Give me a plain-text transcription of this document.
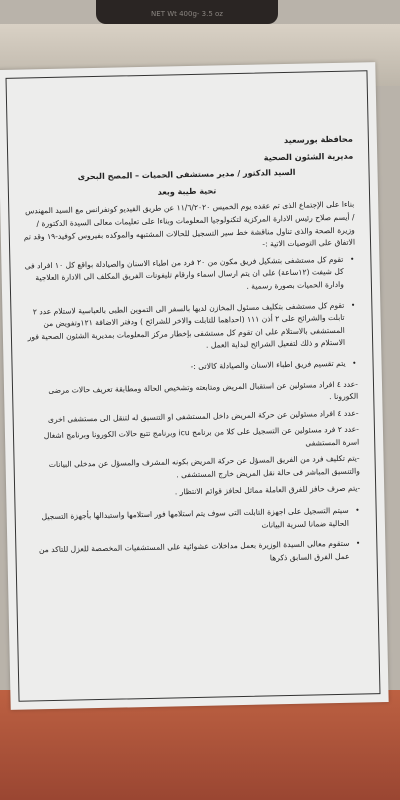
NET Wt 400g- 3.5 oz

محافظة بورسعيد

مديرية الشئون الصحية

السيد الدكتور / مدير مستشفى الحميات – المصح البحرى

تحية طيبة وبعد

بناءا على الإجتماع الذى تم عقده يوم الخميس ١١/٦/٢٠٢٠ عن طريق الفيديو كونفرانس مع السيد المهندس / أيسم صلاح رئيس الادارة المركزية لتكنولوجيا المعلومات وبناءا على تعليمات معالى السيدة الدكتورة / وزيرة الصحة والذى تناول مناقشة خط سير التسجيل للحالات المشتبهه والموكده بفيروس كوفيد-١٩ وقد تم الاتفاق على التوصيات الاتية :-

• تقوم كل مستشفى بتشكيل فريق مكون من ٢٠ فرد من اطباء الاسنان والصيادلة بواقع كل ١٠ افراد فى كل شيفت (١٢ساعة) على ان يتم ارسال اسماء وارقام تليفونات الفريق المكلف الى الادارة العلاجية وادارة الحميات بصورة رسمية .
• تقوم كل مستشفى بتكليف مسئول المخازن لديها بالسفر الى التموين الطبى بالعباسية لاستلام عدد ٢ تابلت والشرائح على ٢ أذن ١١١ (احداهما للتابلت والاخر للشرائح ) ودفتر الاضافة ١٢١وتفويض من المستشفى بالاستلام على ان تقوم كل مستشفى بإخطار مركز المعلومات بمديرية الشئون الصحية فور الاستلام و ذلك لتفعيل الشرائح لبداية العمل .
• يتم تقسيم فريق اطباء الاسنان والصيادلة كالاتى :-

-عدد ٤ افراد مسئولين عن استقبال المريض ومتابعته وتشخيص الحالة ومطابقة تعريف حالات مرضى الكورونا .

-عدد ٤ افراد مسئولين عن حركة المريض داخل المستشفى او التنسيق له لتنقل الى مستشفى اخرى

-عدد ٢ فرد مسئولين عن التسجيل على كلا من برنامج icu وبرنامج تتبع حالات الكورونا وبرنامج اشغال اسرة المستشفى

-يتم تكليف فرد من الفريق المسؤل عن حركة المريض بكونه المشرف والمسؤل عن مدخلى البيانات والتنسيق المباشر فى حالة نقل المريض خارج المستشفى .

-يتم صرف حافز للفرق العاملة مماثل لحافز قوائم الانتظار .

• سيتم التسجيل على اجهزة التابلت التى سوف يتم استلامها فور استلامها واستبدالها بأجهزة التسجيل الحالية ضمانا لسرية البيانات
• ستقوم معالى السيدة الوزيرة بعمل مداخلات عشوائية على المستشفيات المخصصة للعزل للتاكد من عمل الفرق السابق ذكرها
